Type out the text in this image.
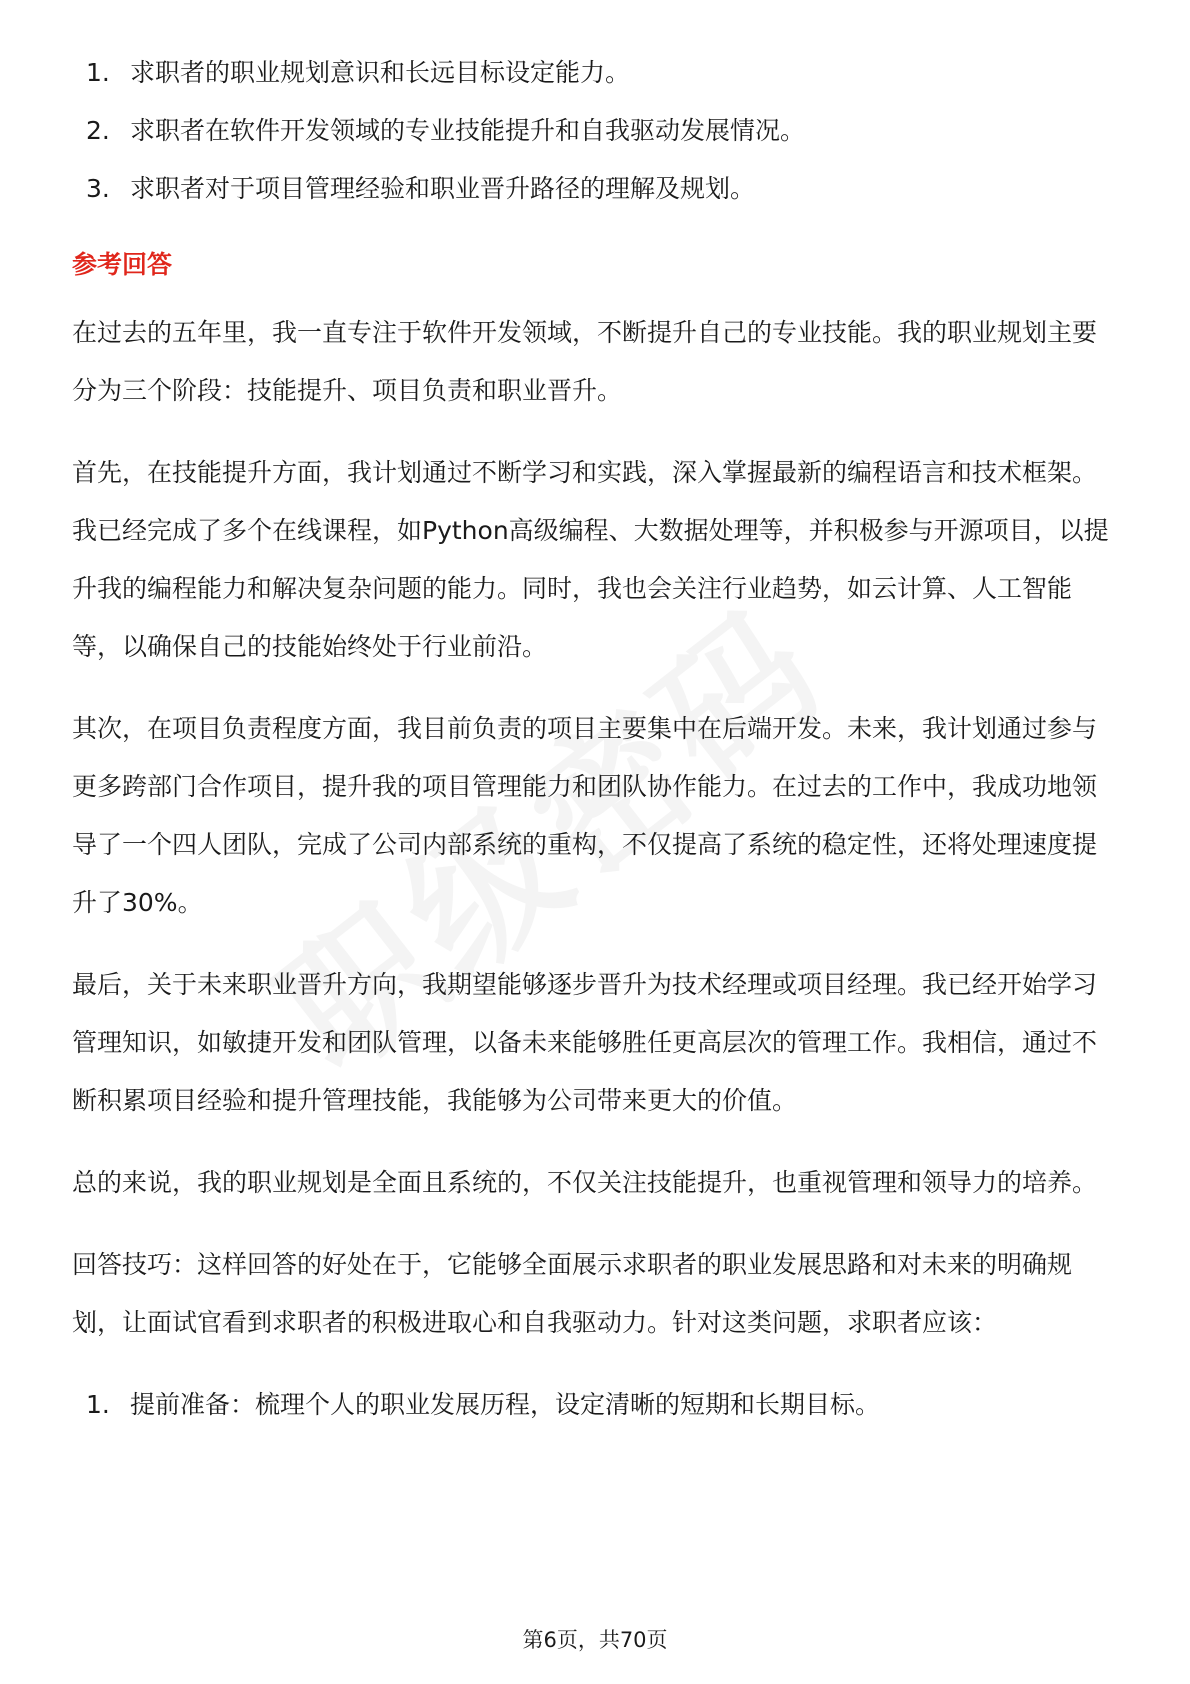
1. 求职者的职业规划意识和长远目标设定能力。
2. 求职者在软件开发领域的专业技能提升和自我驱动发展情况。
3. 求职者对于项目管理经验和职业晋升路径的理解及规划。
参考回答

在过去的五年里，我一直专注于软件开发领域，不断提升自己的专业技能。我的职业规划主要分为三个阶段：技能提升、项目负责和职业晋升。

首先，在技能提升方面，我计划通过不断学习和实践，深入掌握最新的编程语言和技术框架。我已经完成了多个在线课程，如Python高级编程、大数据处理等，并积极参与开源项目，以提升我的编程能力和解决复杂问题的能力。同时，我也会关注行业趋势，如云计算、人工智能等，以确保自己的技能始终处于行业前沿。

其次，在项目负责程度方面，我目前负责的项目主要集中在后端开发。未来，我计划通过参与更多跨部门合作项目，提升我的项目管理能力和团队协作能力。在过去的工作中，我成功地领导了一个四人团队，完成了公司内部系统的重构，不仅提高了系统的稳定性，还将处理速度提升了30%。

最后，关于未来职业晋升方向，我期望能够逐步晋升为技术经理或项目经理。我已经开始学习管理知识，如敏捷开发和团队管理，以备未来能够胜任更高层次的管理工作。我相信，通过不断积累项目经验和提升管理技能，我能够为公司带来更大的价值。

总的来说，我的职业规划是全面且系统的，不仅关注技能提升，也重视管理和领导力的培养。

回答技巧：这样回答的好处在于，它能够全面展示求职者的职业发展思路和对未来的明确规划，让面试官看到求职者的积极进取心和自我驱动力。针对这类问题，求职者应该：

1. 提前准备：梳理个人的职业发展历程，设定清晰的短期和长期目标。
第6页，共70页
